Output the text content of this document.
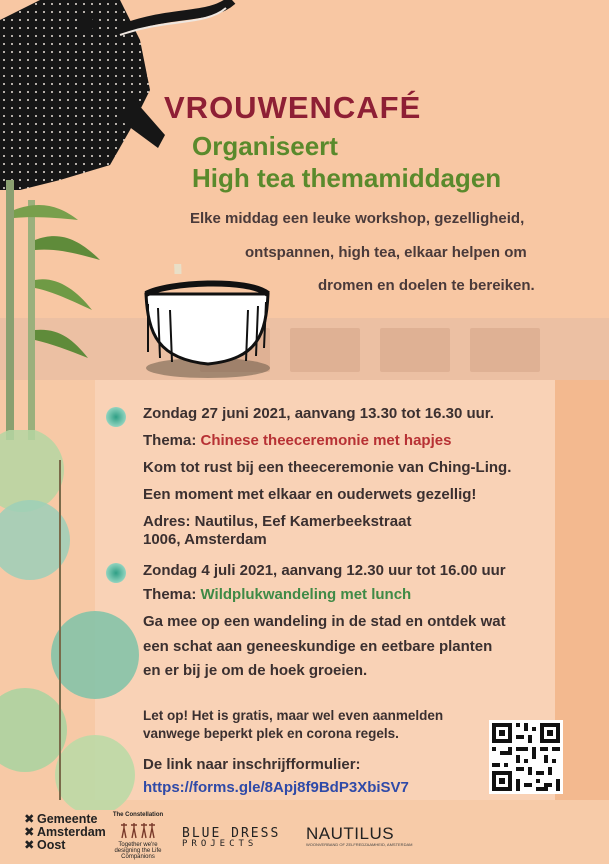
VROUWENCAFÉ
Organiseert
High tea themamiddagen
Elke middag een leuke workshop, gezelligheid,
ontspannen, high tea, elkaar helpen om
dromen en doelen te bereiken.
Zondag 27 juni 2021, aanvang 13.30 tot 16.30 uur.
Thema: Chinese theeceremonie met hapjes
Kom tot rust bij een theeceremonie van Ching-Ling.
Een moment met elkaar en ouderwets gezellig!
Adres: Nautilus, Eef Kamerbeekstraat
1006, Amsterdam
Zondag 4 juli 2021, aanvang 12.30 uur tot 16.00 uur
Thema: Wildplukwandeling met lunch
Ga mee op een wandeling in de stad en ontdek wat
een schat aan geneeskundige en eetbare planten
en er bij je om de hoek groeien.
Let op! Het is gratis, maar wel even aanmelden
vanwege beperkt plek en corona regels.
De link naar inschrijfformulier:
https://forms.gle/8Apj8f9BdP3XbiSV7
✖ Gemeente
✖ Amsterdam
✖ Oost
The Constellation
Together we're designing the Life Companions
BLUE DRESS
PROJECTS
NAUTILUS
WOONVERBAND OF ZELFREDZAAMHEID, AMSTERDAM
